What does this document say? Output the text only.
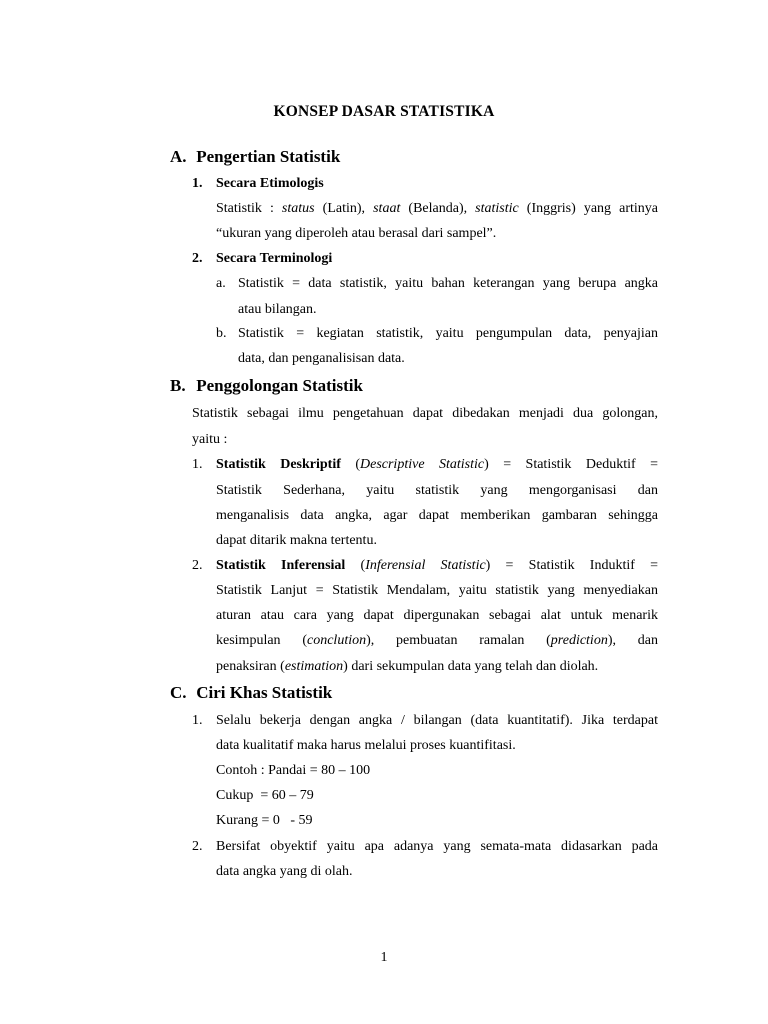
KONSEP DASAR STATISTIKA
A. Pengertian Statistik
1. Secara Etimologis
Statistik : status (Latin), staat (Belanda), statistic (Inggris) yang artinya
“ukuran yang diperoleh atau berasal dari sampel”.
2. Secara Terminologi
a. Statistik = data statistik, yaitu bahan keterangan yang berupa angka
atau bilangan.
b. Statistik = kegiatan statistik, yaitu pengumpulan data, penyajian
data, dan penganalisisan data.
B. Penggolongan Statistik
Statistik sebagai ilmu pengetahuan dapat dibedakan menjadi dua golongan,
yaitu :
1. Statistik Deskriptif (Descriptive Statistic) = Statistik Deduktif =
Statistik Sederhana, yaitu statistik yang mengorganisasi dan
menganalisis data angka, agar dapat memberikan gambaran sehingga
dapat ditarik makna tertentu.
2. Statistik Inferensial (Inferensial Statistic) = Statistik Induktif =
Statistik Lanjut = Statistik Mendalam, yaitu statistik yang menyediakan
aturan atau cara yang dapat dipergunakan sebagai alat untuk menarik
kesimpulan (conclution), pembuatan ramalan (prediction), dan
penaksiran (estimation) dari sekumpulan data yang telah dan diolah.
C. Ciri Khas Statistik
1. Selalu bekerja dengan angka / bilangan (data kuantitatif). Jika terdapat
data kualitatif maka harus melalui proses kuantifitasi.
Contoh : Pandai = 80 – 100
Cukup  = 60 – 79
Kurang = 0   - 59
2. Bersifat obyektif yaitu apa adanya yang semata-mata didasarkan pada
data angka yang di olah.
1
